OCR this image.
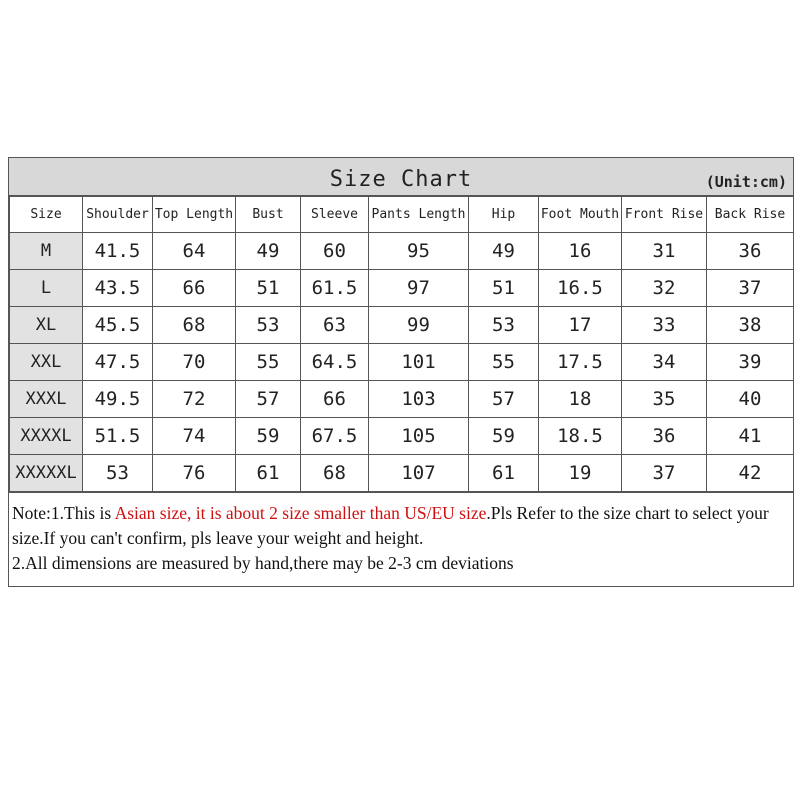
Size Chart	(Unit:cm)
Size	Shoulder	Top Length	Bust	Sleeve	Pants Length	Hip	Foot Mouth	Front Rise	Back Rise
M	41.5	64	49	60	95	49	16	31	36
L	43.5	66	51	61.5	97	51	16.5	32	37
XL	45.5	68	53	63	99	53	17	33	38
XXL	47.5	70	55	64.5	101	55	17.5	34	39
XXXL	49.5	72	57	66	103	57	18	35	40
XXXXL	51.5	74	59	67.5	105	59	18.5	36	41
XXXXXL	53	76	61	68	107	61	19	37	42
Note:1.This is Asian size, it is about 2 size smaller than US/EU size.Pls Refer to the size chart to select your size.If you can't confirm, pls leave your weight and height.
2.All dimensions are measured by hand,there may be 2-3 cm deviations
